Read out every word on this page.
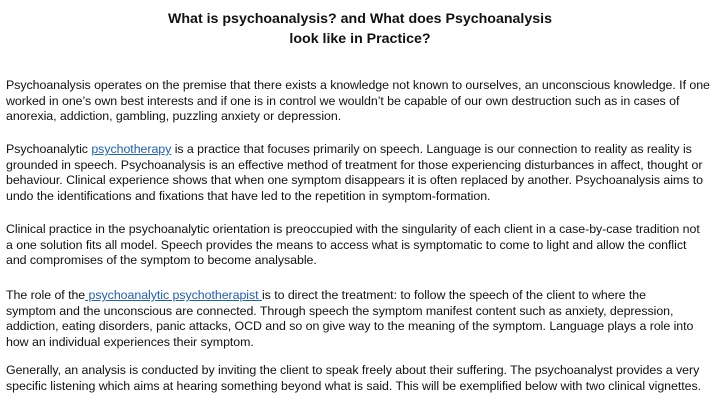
What is psychoanalysis? and What does Psychoanalysis
look like in Practice?

Psychoanalysis operates on the premise that there exists a knowledge not known to ourselves, an unconscious knowledge. If one
worked in one’s own best interests and if one is in control we wouldn’t be capable of our own destruction such as in cases of
anorexia, addiction, gambling, puzzling anxiety or depression.

Psychoanalytic psychotherapy is a practice that focuses primarily on speech. Language is our connection to reality as reality is
grounded in speech. Psychoanalysis is an effective method of treatment for those experiencing disturbances in affect, thought or
behaviour. Clinical experience shows that when one symptom disappears it is often replaced by another. Psychoanalysis aims to
undo the identifications and fixations that have led to the repetition in symptom-formation.

Clinical practice in the psychoanalytic orientation is preoccupied with the singularity of each client in a case-by-case tradition not
a one solution fits all model. Speech provides the means to access what is symptomatic to come to light and allow the conflict
and compromises of the symptom to become analysable.

The role of the psychoanalytic psychotherapist is to direct the treatment: to follow the speech of the client to where the
symptom and the unconscious are connected. Through speech the symptom manifest content such as anxiety, depression,
addiction, eating disorders, panic attacks, OCD and so on give way to the meaning of the symptom. Language plays a role into
how an individual experiences their symptom.

Generally, an analysis is conducted by inviting the client to speak freely about their suffering. The psychoanalyst provides a very
specific listening which aims at hearing something beyond what is said. This will be exemplified below with two clinical vignettes.
